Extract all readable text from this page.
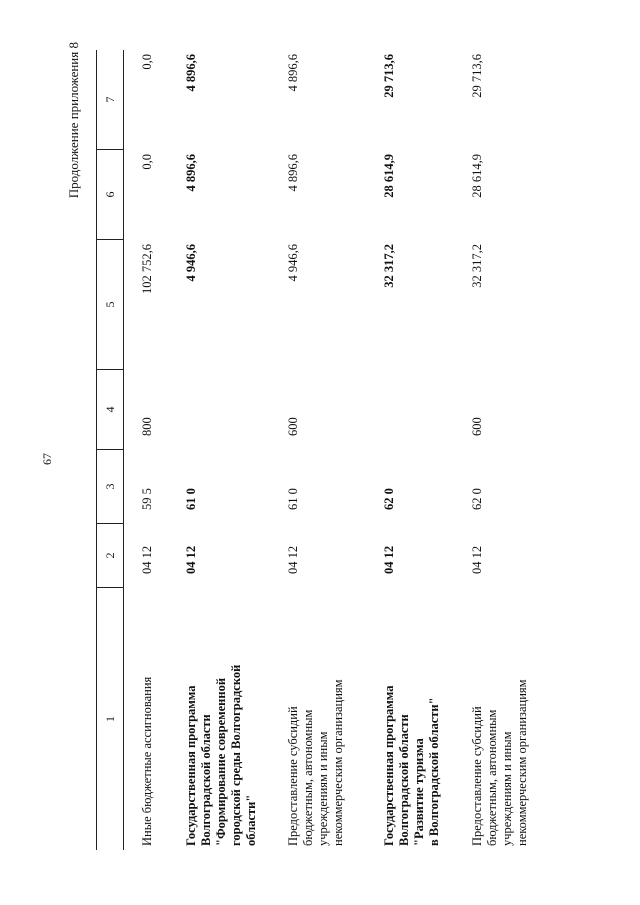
67
Продолжение приложения 8
1
2
3
4
5
6
7
Иные бюджетные ассигнования
04 12
59 5
800
102 752,6
0,0
0,0
Государственная программа
Волгоградской области
"Формирование современной
городской среды Волгоградской
области"
04 12
61 0
4 946,6
4 896,6
4 896,6
Предоставление субсидий
бюджетным, автономным
учреждениям и иным
некоммерческим организациям
04 12
61 0
600
4 946,6
4 896,6
4 896,6
Государственная программа
Волгоградской области
"Развитие туризма
в Волгоградской области"
04 12
62 0
32 317,2
28 614,9
29 713,6
Предоставление субсидий
бюджетным, автономным
учреждениям и иным
некоммерческим организациям
04 12
62 0
600
32 317,2
28 614,9
29 713,6
